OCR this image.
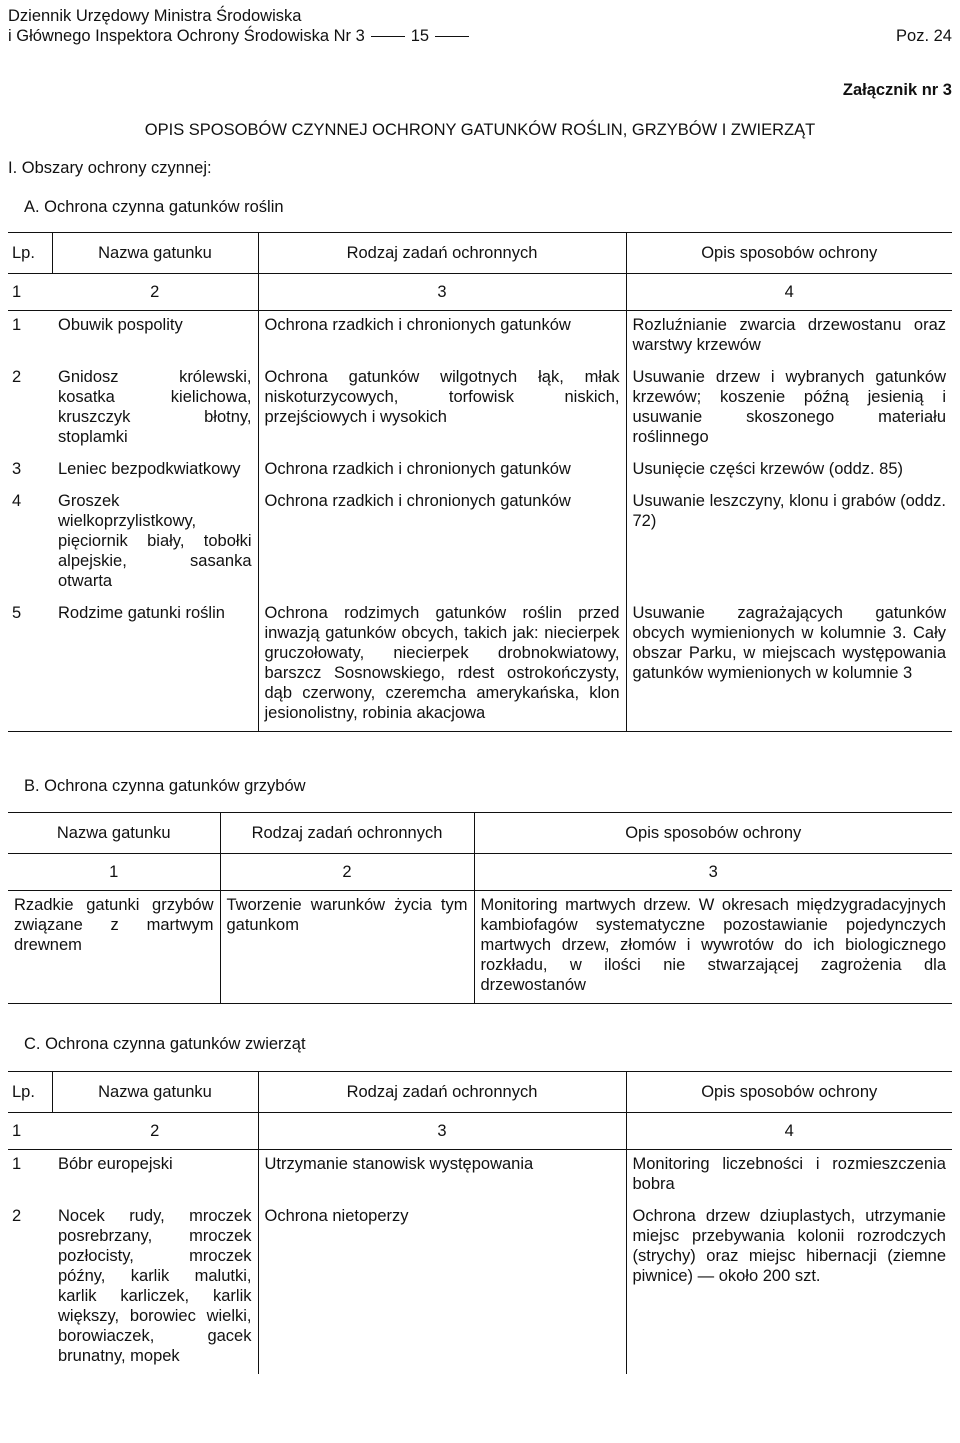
Dziennik Urzędowy Ministra Środowiska
i Głównego Inspektora Ochrony Środowiska Nr 3	15	Poz. 24
Załącznik nr 3
OPIS SPOSOBÓW CZYNNEJ OCHRONY GATUNKÓW ROŚLIN, GRZYBÓW I ZWIERZĄT
I. Obszary ochrony czynnej:
A. Ochrona czynna gatunków roślin
Lp.	Nazwa gatunku	Rodzaj zadań ochronnych	Opis sposobów ochrony
1	2	3	4
1	Obuwik pospolity	Ochrona rzadkich i chronionych gatunków	Rozluźnianie zwarcia drzewostanu oraz warstwy krzewów
2	Gnidosz królewski, kosatka kielichowa, kruszczyk błotny, stoplamki	Ochrona gatunków wilgotnych łąk, młak niskoturzycowych, torfowisk niskich, przejściowych i wysokich	Usuwanie drzew i wybranych gatunków krzewów; koszenie późną jesienią i usuwanie skoszonego materiału roślinnego
3	Leniec bezpodkwiatkowy	Ochrona rzadkich i chronionych gatunków	Usunięcie części krzewów (oddz. 85)
4	Groszek wielkoprzylistkowy, pięciornik biały, tobołki alpejskie, sasanka otwarta	Ochrona rzadkich i chronionych gatunków	Usuwanie leszczyny, klonu i grabów (oddz. 72)
5	Rodzime gatunki roślin	Ochrona rodzimych gatunków roślin przed inwazją gatunków obcych, takich jak: niecierpek gruczołowaty, niecierpek drobnokwiatowy, barszcz Sosnowskiego, rdest ostrokończysty, dąb czerwony, czeremcha amerykańska, klon jesionolistny, robinia akacjowa	Usuwanie zagrażających gatunków obcych wymienionych w kolumnie 3. Cały obszar Parku, w miejscach występowania gatunków wymienionych w kolumnie 3
B. Ochrona czynna gatunków grzybów
Nazwa gatunku	Rodzaj zadań ochronnych	Opis sposobów ochrony
1	2	3
Rzadkie gatunki grzybów związane z martwym drewnem	Tworzenie warunków życia tym gatunkom	Monitoring martwych drzew. W okresach międzygradacyjnych kambiofagów systematyczne pozostawianie pojedynczych martwych drzew, złomów i wywrotów do ich biologicznego rozkładu, w ilości nie stwarzającej zagrożenia dla drzewostanów
C. Ochrona czynna gatunków zwierząt
Lp.	Nazwa gatunku	Rodzaj zadań ochronnych	Opis sposobów ochrony
1	2	3	4
1	Bóbr europejski	Utrzymanie stanowisk występowania	Monitoring liczebności i rozmieszczenia bobra
2	Nocek rudy, mroczek posrebrzany, mroczek pozłocisty, mroczek późny, karlik malutki, karlik karliczek, karlik większy, borowiec wielki, borowiaczek, gacek brunatny, mopek	Ochrona nietoperzy	Ochrona drzew dziuplastych, utrzymanie miejsc przebywania kolonii rozrodczych (strychy) oraz miejsc hibernacji (ziemne piwnice) — około 200 szt.
